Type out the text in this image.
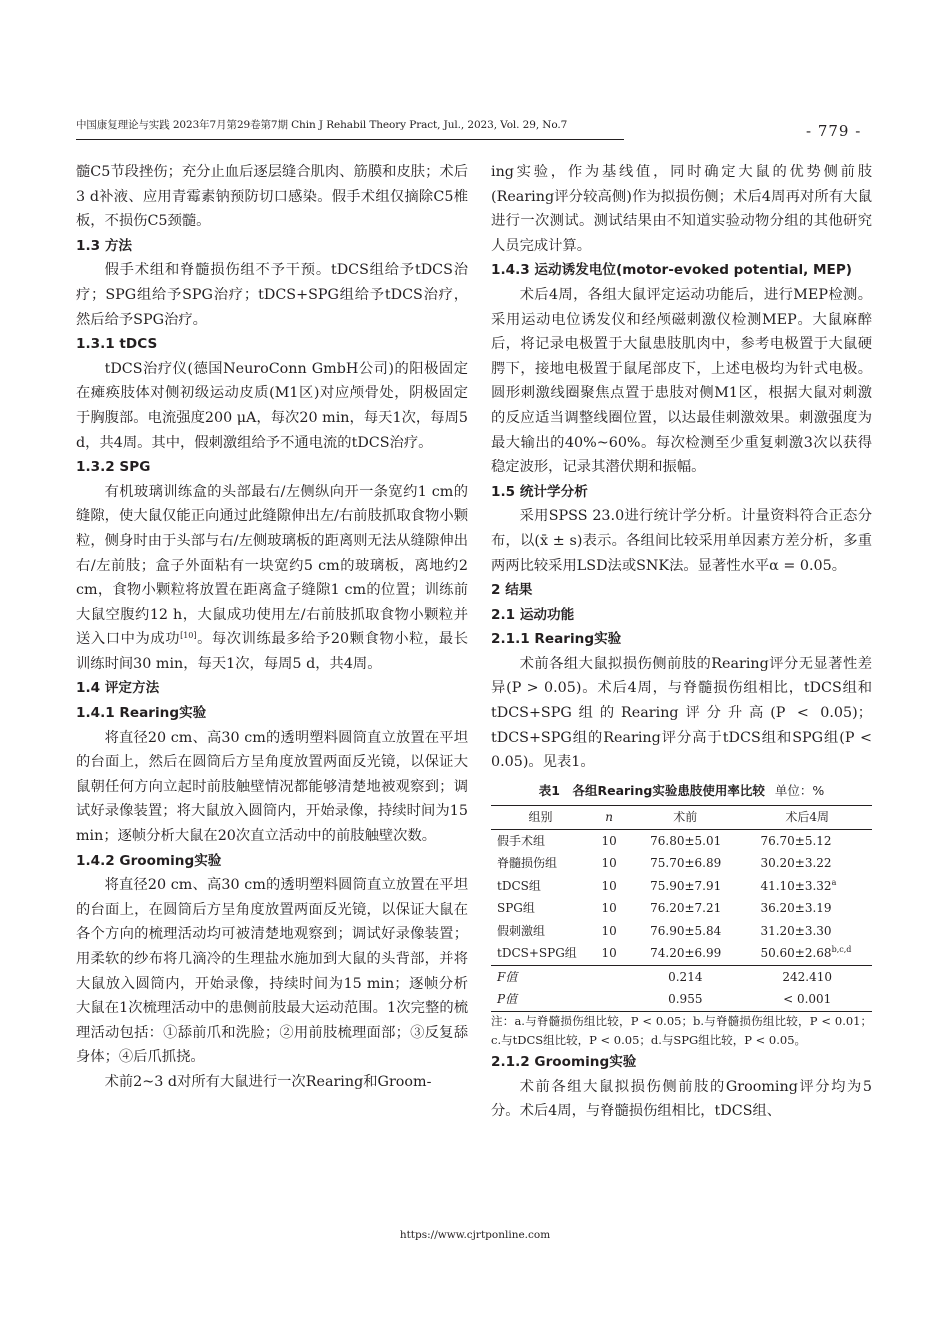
中国康复理论与实践 2023年7月第29卷第7期 Chin J Rehabil Theory Pract, Jul., 2023, Vol. 29, No.7	- 779 -

髓C5节段挫伤；充分止血后逐层缝合肌肉、筋膜和皮肤；术后3 d补液、应用青霉素钠预防切口感染。假手术组仅摘除C5椎板，不损伤C5颈髓。

1.3 方法

假手术组和脊髓损伤组不予干预。tDCS组给予tDCS治疗；SPG组给予SPG治疗；tDCS+SPG组给予tDCS治疗，然后给予SPG治疗。

1.3.1 tDCS

tDCS治疗仪(德国NeuroConn GmbH公司)的阳极固定在瘫痪肢体对侧初级运动皮质(M1区)对应颅骨处，阴极固定于胸腹部。电流强度200 μA，每次20 min，每天1次，每周5 d，共4周。其中，假刺激组给予不通电流的tDCS治疗。

1.3.2 SPG

有机玻璃训练盒的头部最右/左侧纵向开一条宽约1 cm的缝隙，使大鼠仅能正向通过此缝隙伸出左/右前肢抓取食物小颗粒，侧身时由于头部与右/左侧玻璃板的距离则无法从缝隙伸出右/左前肢；盒子外面粘有一块宽约5 cm的玻璃板，离地约2 cm，食物小颗粒将放置在距离盒子缝隙1 cm的位置；训练前大鼠空腹约12 h，大鼠成功使用左/右前肢抓取食物小颗粒并送入口中为成功[10]。每次训练最多给予20颗食物小粒，最长训练时间30 min，每天1次，每周5 d，共4周。

1.4 评定方法

1.4.1 Rearing实验

将直径20 cm、高30 cm的透明塑料圆筒直立放置在平坦的台面上，然后在圆筒后方呈角度放置两面反光镜，以保证大鼠朝任何方向立起时前肢触壁情况都能够清楚地被观察到；调试好录像装置；将大鼠放入圆筒内，开始录像，持续时间为15 min；逐帧分析大鼠在20次直立活动中的前肢触壁次数。

1.4.2 Grooming实验

将直径20 cm、高30 cm的透明塑料圆筒直立放置在平坦的台面上，在圆筒后方呈角度放置两面反光镜，以保证大鼠在各个方向的梳理活动均可被清楚地观察到；调试好录像装置；用柔软的纱布将几滴冷的生理盐水施加到大鼠的头背部，并将大鼠放入圆筒内，开始录像，持续时间为15 min；逐帧分析大鼠在1次梳理活动中的患侧前肢最大运动范围。1次完整的梳理活动包括：①舔前爪和洗脸；②用前肢梳理面部；③反复舔身体；④后爪抓挠。

术前2~3 d对所有大鼠进行一次Rearing和Groom-

ing实验，作为基线值，同时确定大鼠的优势侧前肢(Rearing评分较高侧)作为拟损伤侧；术后4周再对所有大鼠进行一次测试。测试结果由不知道实验动物分组的其他研究人员完成计算。

1.4.3 运动诱发电位(motor-evoked potential, MEP)

术后4周，各组大鼠评定运动功能后，进行MEP检测。采用运动电位诱发仪和经颅磁刺激仪检测MEP。大鼠麻醉后，将记录电极置于大鼠患肢肌肉中，参考电极置于大鼠硬腭下，接地电极置于鼠尾部皮下，上述电极均为针式电极。圆形刺激线圈聚焦点置于患肢对侧M1区，根据大鼠对刺激的反应适当调整线圈位置，以达最佳刺激效果。刺激强度为最大输出的40%~60%。每次检测至少重复刺激3次以获得稳定波形，记录其潜伏期和振幅。

1.5 统计学分析

采用SPSS 23.0进行统计学分析。计量资料符合正态分布，以(x̄ ± s)表示。各组间比较采用单因素方差分析，多重两两比较采用LSD法或SNK法。显著性水平α = 0.05。

2 结果

2.1 运动功能

2.1.1 Rearing实验

术前各组大鼠拟损伤侧前肢的Rearing评分无显著性差异(P > 0.05)。术后4周，与脊髓损伤组相比，tDCS组和tDCS+SPG组的Rearing评分升高(P < 0.05)；tDCS+SPG组的Rearing评分高于tDCS组和SPG组(P < 0.05)。见表1。

表1　各组Rearing实验患肢使用率比较 单位：%
组别	n	术前	术后4周
假手术组	10	76.80±5.01	76.70±5.12
脊髓损伤组	10	75.70±6.89	30.20±3.22
tDCS组	10	75.90±7.91	41.10±3.32$^a$
SPG组	10	76.20±7.21	36.20±3.19
假刺激组	10	76.90±5.84	31.20±3.30
tDCS+SPG组	10	74.20±6.99	$50.60\pm 2.68^{b,c,d}$
F值		0.214	242.410
P值		0.955	< 0.001

注：a.与脊髓损伤组比较，P < 0.05；b.与脊髓损伤组比较，P < 0.01；c.与tDCS组比较，P < 0.05；d.与SPG组比较，P < 0.05。

2.1.2 Grooming实验

术前各组大鼠拟损伤侧前肢的Grooming评分均为5分。术后4周，与脊髓损伤组相比，tDCS组、

https://www.cjrtponline.com
